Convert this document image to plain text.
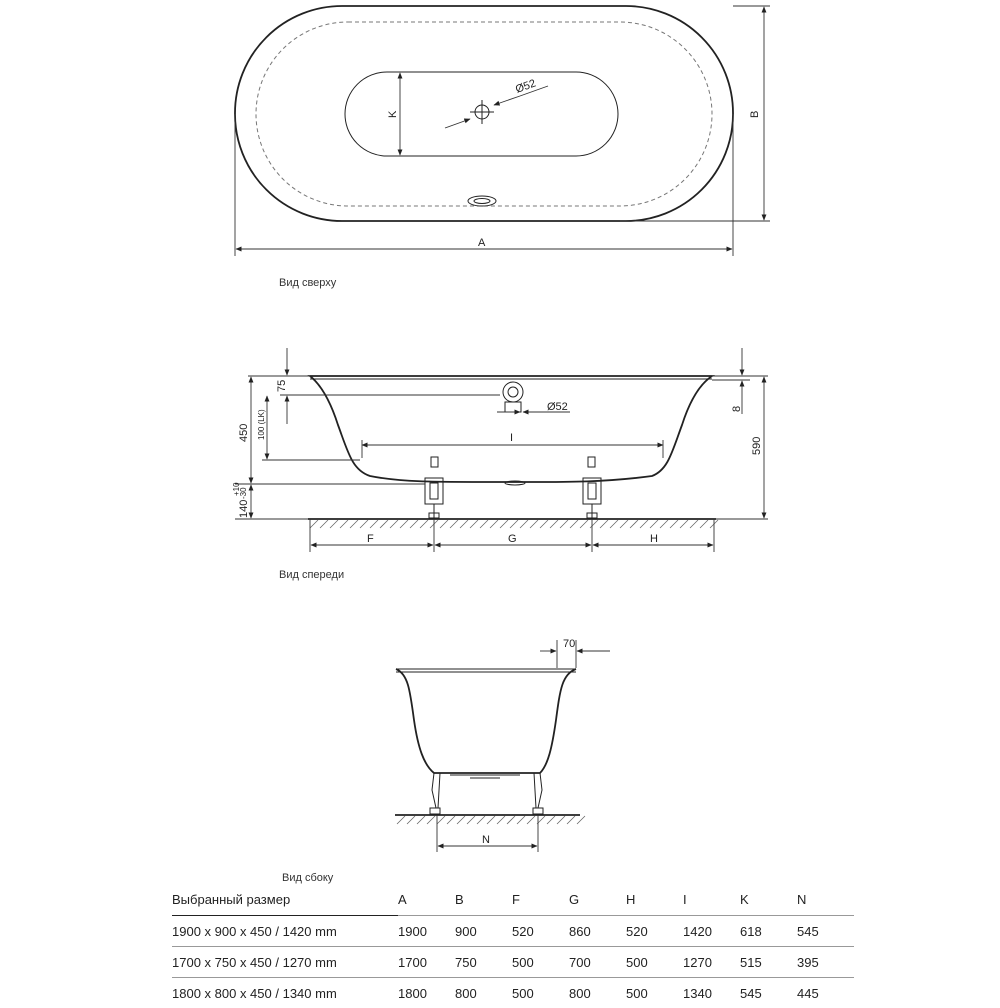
Ø52
K	B
A
Ø52
I
75
450 100 (LK)
140
+10
-30
8
590
F	G	H
70
N
Вид сверху
Вид спереди
Вид сбоку
Выбранный размер	A	B	F	G	H	I	K	N
1900 x 900 x 450 / 1420 mm	1900	900	520	860	520	1420	618	545
1700 x 750 x 450 / 1270 mm	1700	750	500	700	500	1270	515	395
1800 x 800 x 450 / 1340 mm	1800	800	500	800	500	1340	545	445
